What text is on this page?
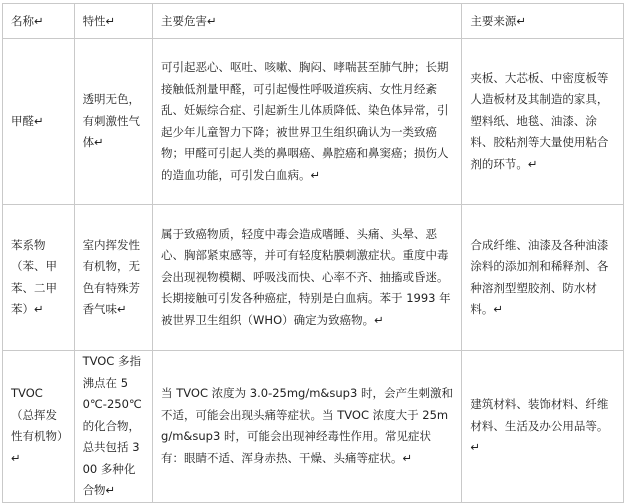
名称↵	特性↵	主要危害↵	主要来源↵
甲醛↵	透明无色，有刺激性气体↵	可引起恶心、呕吐、咳嗽、胸闷、哮喘甚至肺气肿；长期接触低剂量甲醛，可引起慢性呼吸道疾病、女性月经紊乱、妊娠综合症、引起新生儿体质降低、染色体异常，引起少年儿童智力下降；被世界卫生组织确认为一类致癌物；甲醛可引起人类的鼻咽癌、鼻腔癌和鼻窦癌；损伤人的造血功能，可引发白血病。↵	夹板、大芯板、中密度板等人造板材及其制造的家具，塑料纸、地毯、油漆、涂料、胶粘剂等大量使用粘合剂的环节。↵
苯系物（苯、甲苯、二甲苯）↵	室内挥发性有机物，无色有特殊芳香气味↵	属于致癌物质，轻度中毒会造成嗜睡、头痛、头晕、恶心、胸部紧束感等，并可有轻度粘膜刺激症状。重度中毒会出现视物模糊、呼吸浅而快、心率不齐、抽搐或昏迷。长期接触可引发各种癌症，特别是白血病。苯于 1993 年被世界卫生组织（WHO）确定为致癌物。↵	合成纤维、油漆及各种油漆涂料的添加剂和稀释剂、各种溶剂型塑胶剂、防水材料。↵
TVOC（总挥发性有机物）↵	TVOC 多指沸点在 50℃-250℃的化合物，总共包括 300 多种化合物↵	当 TVOC 浓度为 3.0-25mg/m&sup3 时，会产生刺激和不适，可能会出现头痛等症状。当 TVOC 浓度大于 25mg/m&sup3 时，可能会出现神经毒性作用。常见症状有：眼睛不适、浑身赤热、干燥、头痛等症状。↵	建筑材料、装饰材料、纤维材料、生活及办公用品等。↵
